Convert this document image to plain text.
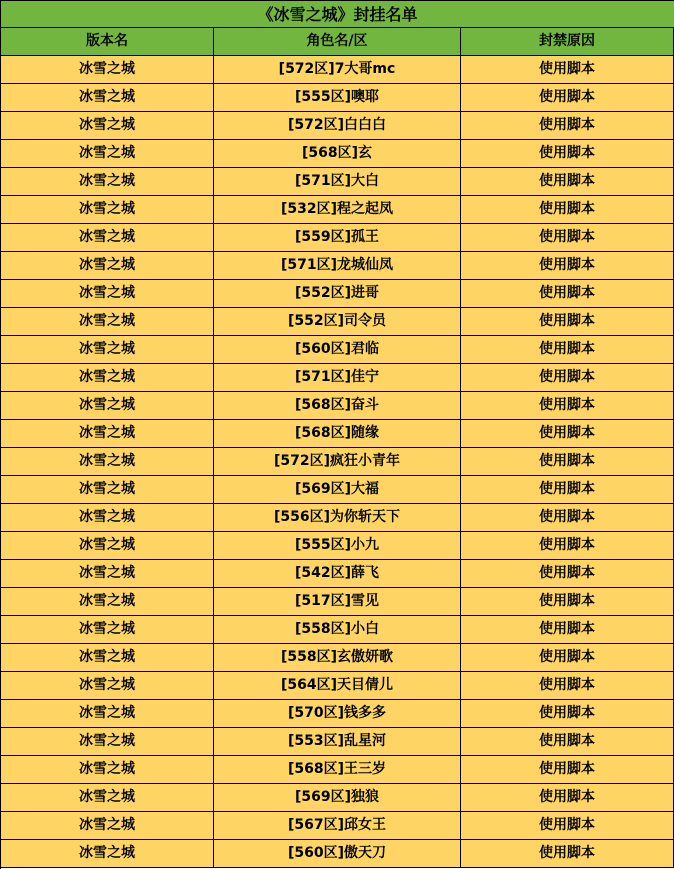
《冰雪之城》封挂名单
版本名	角色名/区	封禁原因
冰雪之城	[572区]7大哥mc	使用脚本
冰雪之城	[555区]噢耶	使用脚本
冰雪之城	[572区]白白白	使用脚本
冰雪之城	[568区]玄	使用脚本
冰雪之城	[571区]大白	使用脚本
冰雪之城	[532区]程之起凤	使用脚本
冰雪之城	[559区]孤王	使用脚本
冰雪之城	[571区]龙城仙凤	使用脚本
冰雪之城	[552区]进哥	使用脚本
冰雪之城	[552区]司令员	使用脚本
冰雪之城	[560区]君临	使用脚本
冰雪之城	[571区]佳宁	使用脚本
冰雪之城	[568区]奋斗	使用脚本
冰雪之城	[568区]随缘	使用脚本
冰雪之城	[572区]疯狂小青年	使用脚本
冰雪之城	[569区]大福	使用脚本
冰雪之城	[556区]为你斩天下	使用脚本
冰雪之城	[555区]小九	使用脚本
冰雪之城	[542区]薛飞	使用脚本
冰雪之城	[517区]雪见	使用脚本
冰雪之城	[558区]小白	使用脚本
冰雪之城	[558区]玄傲妍歌	使用脚本
冰雪之城	[564区]天目倩儿	使用脚本
冰雪之城	[570区]钱多多	使用脚本
冰雪之城	[553区]乱星河	使用脚本
冰雪之城	[568区]王三岁	使用脚本
冰雪之城	[569区]独狼	使用脚本
冰雪之城	[567区]邱女王	使用脚本
冰雪之城	[560区]傲天刀	使用脚本
